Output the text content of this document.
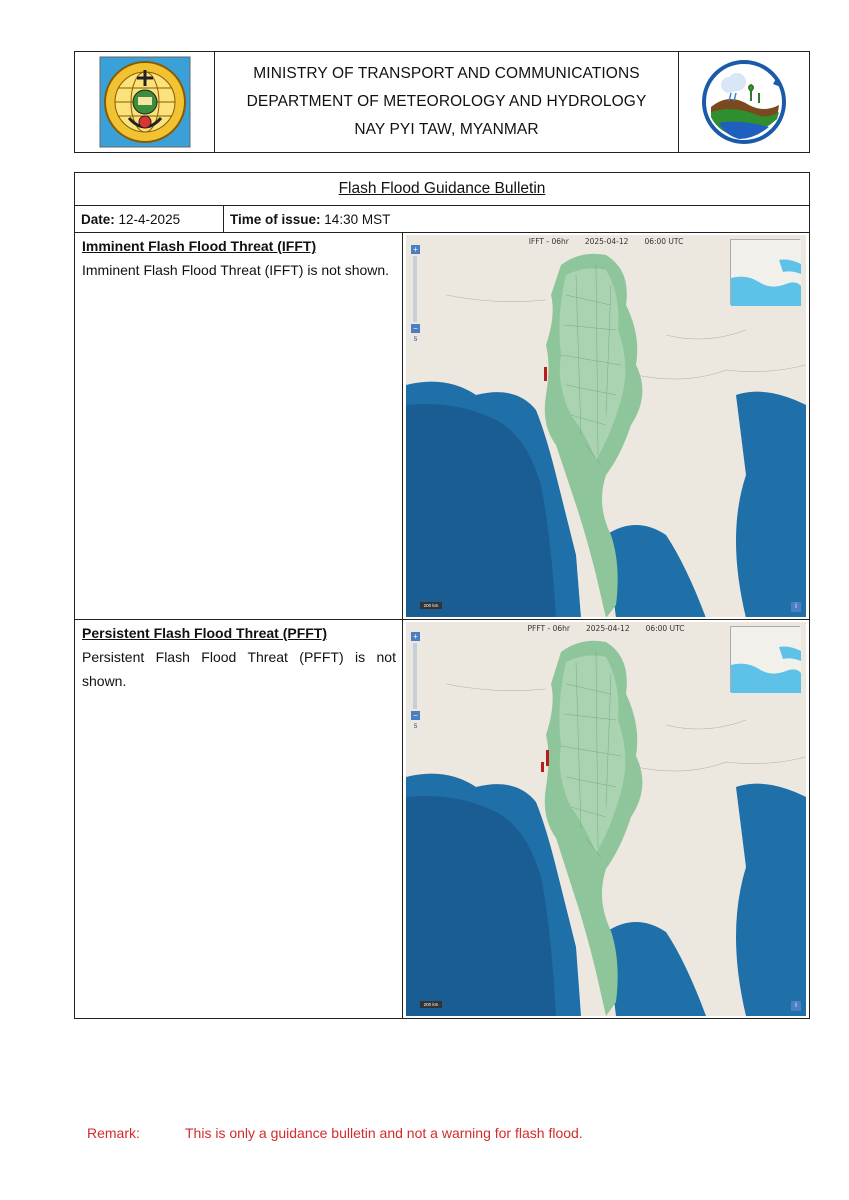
MINISTRY OF TRANSPORT AND COMMUNICATIONS
DEPARTMENT OF METEOROLOGY AND HYDROLOGY
NAY PYI TAW, MYANMAR
Flash Flood Guidance Bulletin
Date:
12-4-2025	Time of issue:
14:30 MST
Imminent Flash Flood Threat (IFFT)
Imminent Flash Flood Threat (IFFT) is not shown.
IFFT - 06hr 2025-04-12 06:00 UTC
+
−
5
200 km	i
Persistent Flash Flood Threat (PFFT)
Persistent Flash Flood Threat (PFFT) is not shown.
PFFT - 06hr 2025-04-12 06:00 UTC
+
−
5
200 km	i
Remark:	This is only a guidance bulletin and not a warning for flash flood.
